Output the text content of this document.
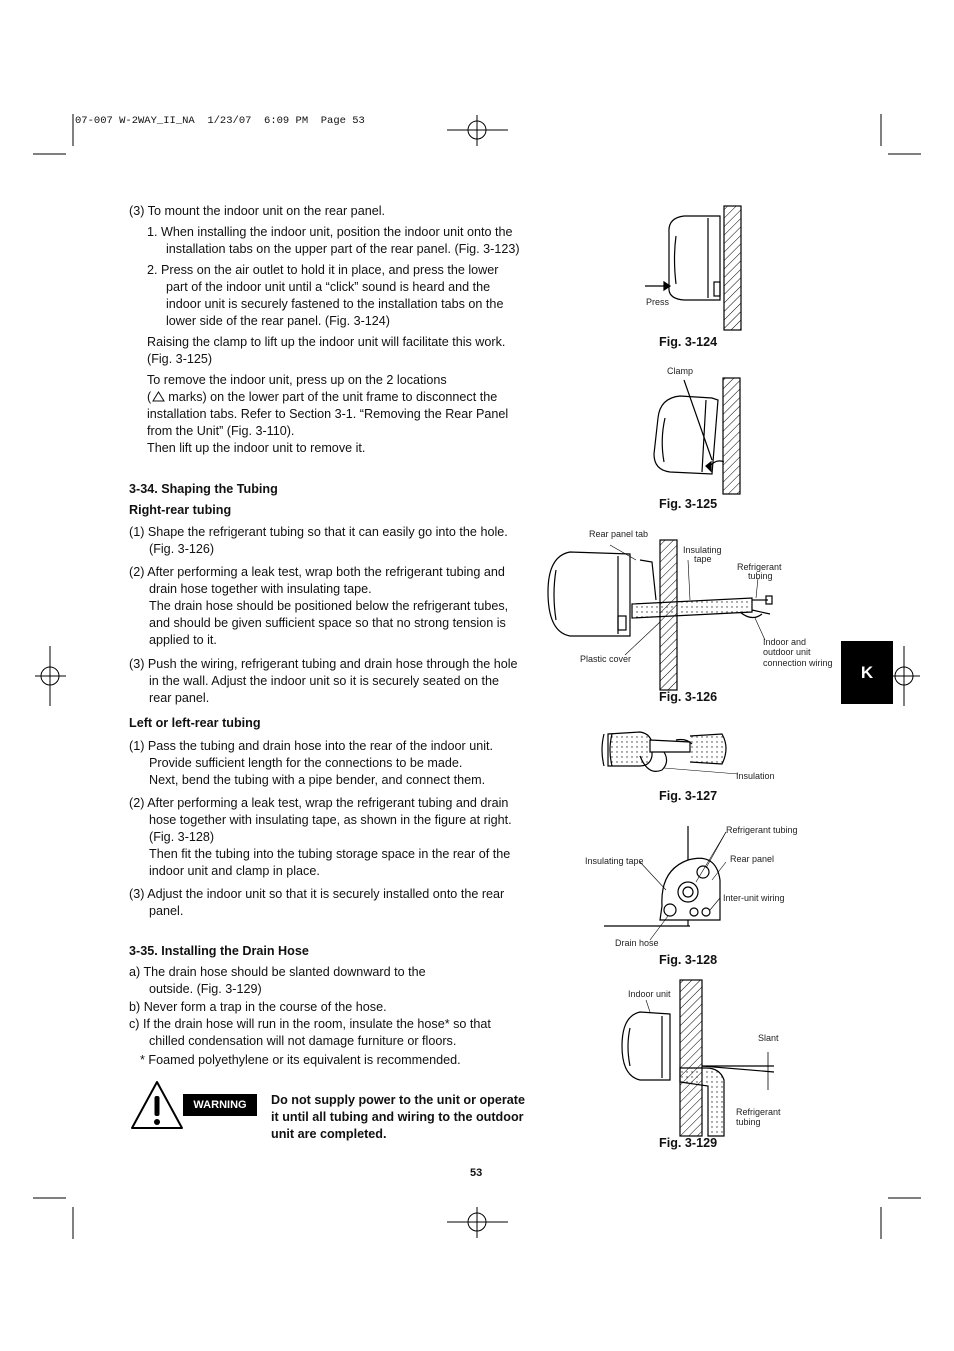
07-007 W-2WAY_II_NA  1/23/07  6:09 PM  Page 53
(3) To mount the indoor unit on the rear panel.
1. When installing the indoor unit, position the indoor unit onto the
installation tabs on the upper part of the rear panel. (Fig. 3-123)
2. Press on the air outlet to hold it in place, and press the lower
part of the indoor unit until a “click” sound is heard and the
indoor unit is securely fastened to the installation tabs on the
lower side of the rear panel. (Fig. 3-124)
Raising the clamp to lift up the indoor unit will facilitate this work.
(Fig. 3-125)
To remove the indoor unit, press up on the 2 locations
( marks) on the lower part of the unit frame to disconnect the
installation tabs. Refer to Section 3-1. “Removing the Rear Panel
from the Unit” (Fig. 3-110).
Then lift up the indoor unit to remove it.
3-34. Shaping the Tubing
Right-rear tubing
(1) Shape the refrigerant tubing so that it can easily go into the hole.
(Fig. 3-126)
(2) After performing a leak test, wrap both the refrigerant tubing and
drain hose together with insulating tape.
The drain hose should be positioned below the refrigerant tubes,
and should be given sufficient space so that no strong tension is
applied to it.
(3) Push the wiring, refrigerant tubing and drain hose through the hole
in the wall. Adjust the indoor unit so it is securely seated on the
rear panel.
Left or left-rear tubing
(1) Pass the tubing and drain hose into the rear of the indoor unit.
Provide sufficient length for the connections to be made.
Next, bend the tubing with a pipe bender, and connect them.
(2) After performing a leak test, wrap the refrigerant tubing and drain
hose together with insulating tape, as shown in the figure at right.
(Fig. 3-128)
Then fit the tubing into the tubing storage space in the rear of the
indoor unit and clamp in place.
(3) Adjust the indoor unit so that it is securely installed onto the rear
panel.
3-35. Installing the Drain Hose
a) The drain hose should be slanted downward to the
outside. (Fig. 3-129)
b) Never form a trap in the course of the hose.
c) If the drain hose will run in the room, insulate the hose* so that
chilled condensation will not damage furniture or floors.
* Foamed polyethylene or its equivalent is recommended.
WARNING	Do not supply power to the unit or operate
it until all tubing and wiring to the outdoor
unit are completed.
53
K
Press
Fig. 3-124
Clamp
Fig. 3-125
Rear panel tab
Insulating
tape
Refrigerant
tubing
Plastic cover
Indoor and
outdoor unit
connection wiring
Fig. 3-126
Insulation
Fig. 3-127
Refrigerant tubing
Insulating tape	Rear panel
Inter-unit wiring
Drain hose
Fig. 3-128
Indoor unit
Slant
Refrigerant
tubing
Fig. 3-129
